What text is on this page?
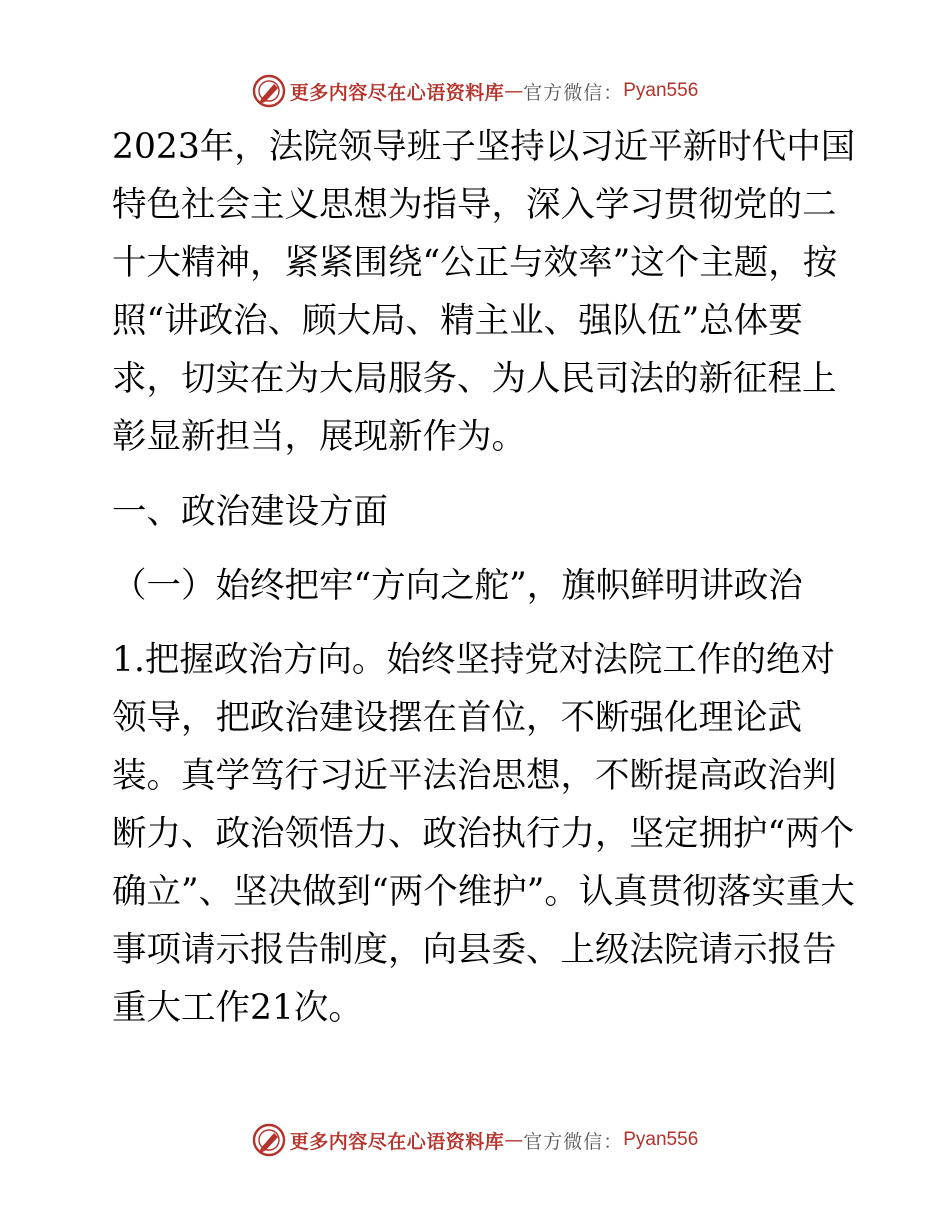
更多内容尽在心语资料库 — 官方微信： Pyan556

2023年，法院领导班子坚持以习近平新时代中国特色社会主义思想为指导，深入学习贯彻党的二十大精神，紧紧围绕“公正与效率”这个主题，按照“讲政治、顾大局、精主业、强队伍”总体要求，切实在为大局服务、为人民司法的新征程上彰显新担当，展现新作为。

一、政治建设方面

（一）始终把牢“方向之舵”，旗帜鲜明讲政治

1.把握政治方向。始终坚持党对法院工作的绝对领导，把政治建设摆在首位，不断强化理论武装。真学笃行习近平法治思想，不断提高政治判断力、政治领悟力、政治执行力，坚定拥护“两个确立”、坚决做到“两个维护”。认真贯彻落实重大事项请示报告制度，向县委、上级法院请示报告重大工作21次。

更多内容尽在心语资料库 — 官方微信： Pyan556
